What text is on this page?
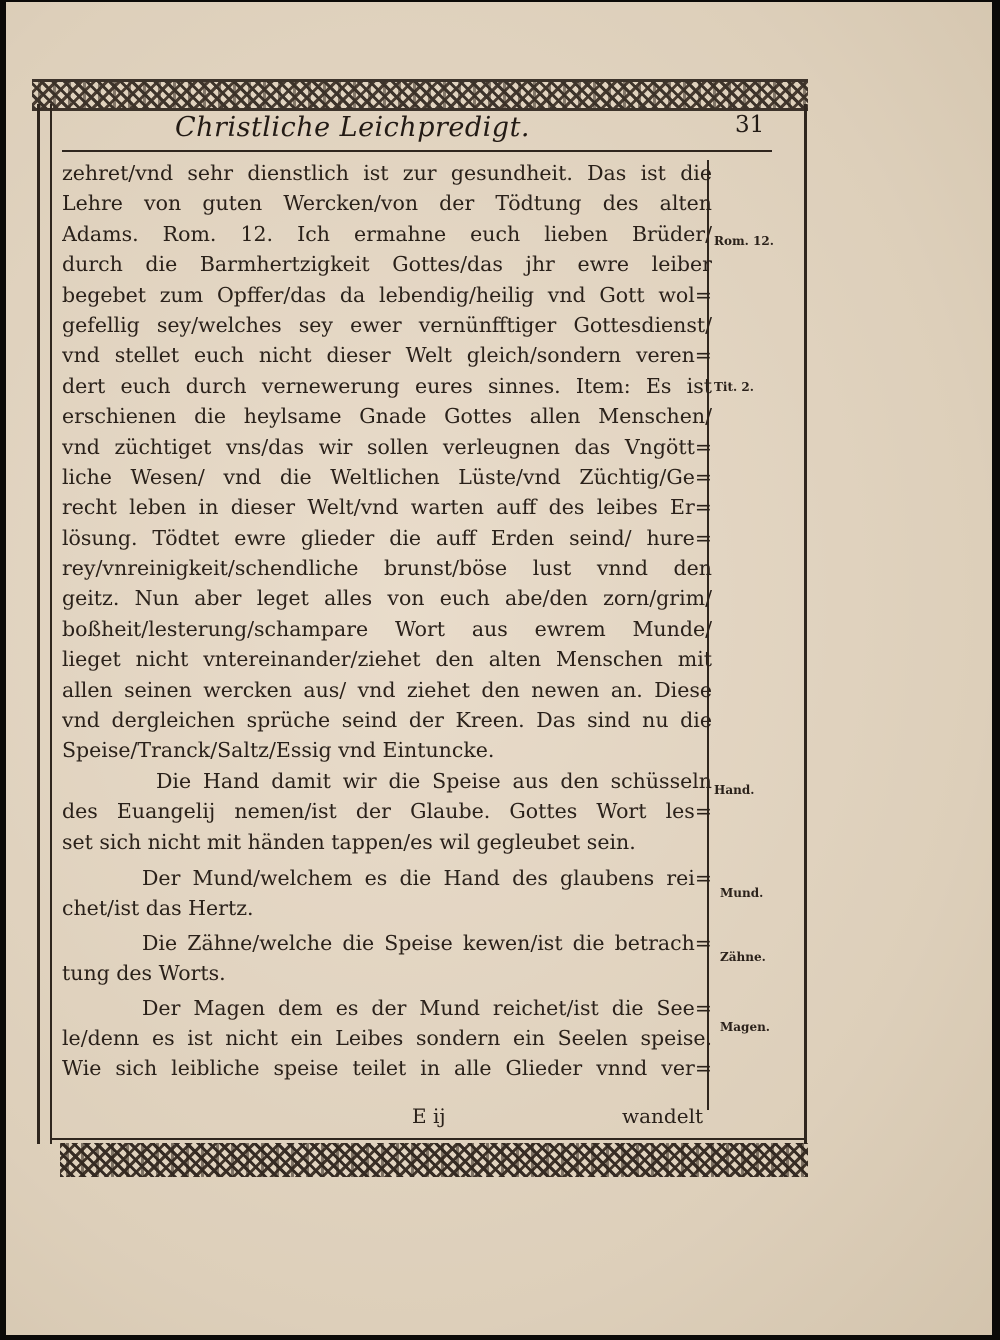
Christliche Leichpredigt.	31
zehret/vnd sehr dienstlich ist zur gesundheit. Das ist die
Lehre von guten Wercken/von der Tödtung des alten
Adams. Rom. 12. Ich ermahne euch lieben Brüder/
durch die Barmhertzigkeit Gottes/das jhr ewre leiber
begebet zum Opffer/das da lebendig/heilig vnd Gott wol=
gefellig sey/welches sey ewer vernünfftiger Gottesdienst/
vnd stellet euch nicht dieser Welt gleich/sondern veren=
dert euch durch vernewerung eures sinnes. Item: Es ist
erschienen die heylsame Gnade Gottes allen Menschen/
vnd züchtiget vns/das wir sollen verleugnen das Vngött=
liche Wesen/ vnd die Weltlichen Lüste/vnd Züchtig/Ge=
recht leben in dieser Welt/vnd warten auff des leibes Er=
lösung. Tödtet ewre glieder die auff Erden seind/ hure=
rey/vnreinigkeit/schendliche brunst/böse lust vnnd den
geitz. Nun aber leget alles von euch abe/den zorn/grim/
boßheit/lesterung/schampare Wort aus ewrem Munde/
lieget nicht vntereinander/ziehet den alten Menschen mit
allen seinen wercken aus/ vnd ziehet den newen an. Diese
vnd dergleichen sprüche seind der Kreen. Das sind nu die
Speise/Tranck/Saltz/Essig vnd Eintuncke.
Die Hand damit wir die Speise aus den schüsseln
des Euangelij nemen/ist der Glaube. Gottes Wort les=
set sich nicht mit händen tappen/es wil gegleubet sein.
Der Mund/welchem es die Hand des glaubens rei=
chet/ist das Hertz.
Die Zähne/welche die Speise kewen/ist die betrach=
tung des Worts.
Der Magen dem es der Mund reichet/ist die See=
le/denn es ist nicht ein Leibes sondern ein Seelen speise.
Wie sich leibliche speise teilet in alle Glieder vnnd ver=
Rom. 12.
Tit. 2.
Hand.
Mund.
Zähne.
Magen.
E ij	wandelt
